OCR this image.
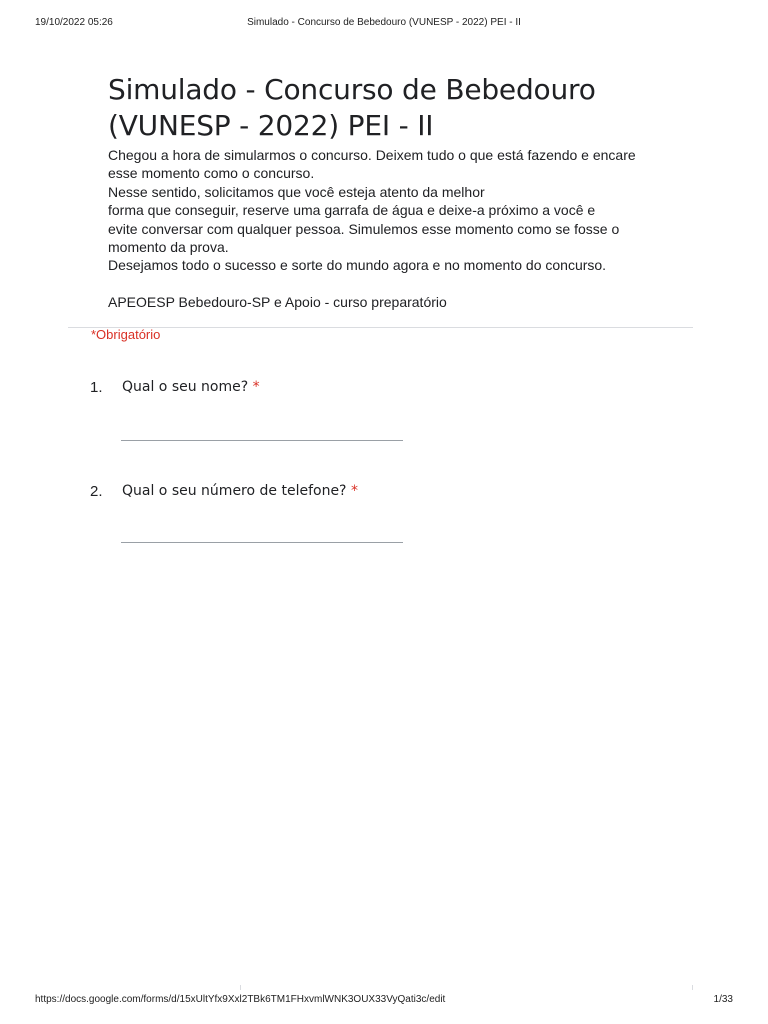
19/10/2022 05:26	Simulado - Concurso de Bebedouro (VUNESP - 2022) PEI - II
Simulado - Concurso de Bebedouro
(VUNESP - 2022) PEI - II
Chegou a hora de simularmos o concurso. Deixem tudo o que está fazendo e encare
esse momento como o concurso.
Nesse sentido, solicitamos que você esteja atento da melhor
forma que conseguir, reserve uma garrafa de água e deixe-a próximo a você e
evite conversar com qualquer pessoa. Simulemos esse momento como se fosse o
momento da prova.
Desejamos todo o sucesso e sorte do mundo agora e no momento do concurso.
APEOESP Bebedouro-SP e Apoio - curso preparatório
*Obrigatório
1. Qual o seu nome? *
2. Qual o seu número de telefone? *
https://docs.google.com/forms/d/15xUltYfx9Xxl2TBk6TM1FHxvmlWNK3OUX33VyQati3c/edit	1/33
